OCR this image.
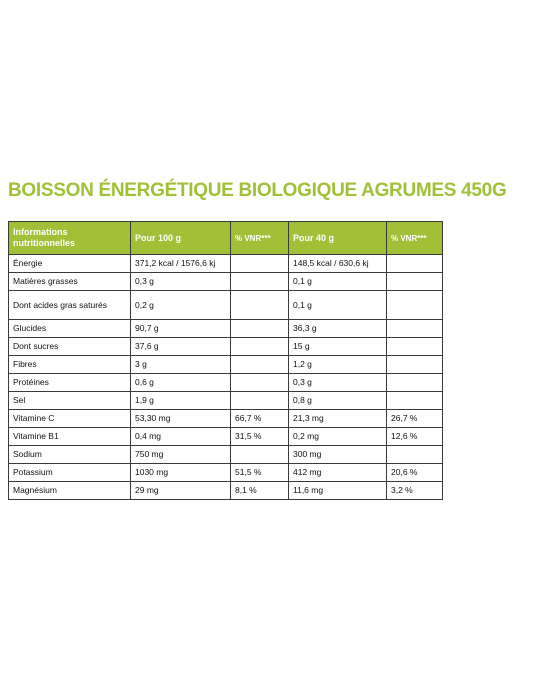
BOISSON ÉNERGÉTIQUE BIOLOGIQUE AGRUMES 450G
Informations nutritionnelles	Pour 100 g	% VNR***	Pour 40 g	% VNR***
Énergie	371,2 kcal / 1576,6 kj		148,5 kcal / 630,6 kj	
Matières grasses	0,3 g		0,1 g	
Dont acides gras saturés	0,2 g		0,1 g	
Glucides	90,7 g		36,3 g	
Dont sucres	37,6 g		15 g	
Fibres	3 g		1,2 g	
Protéines	0,6 g		0,3 g	
Sel	1,9 g		0,8 g	
Vitamine C	53,30 mg	66,7 %	21,3 mg	26,7 %
Vitamine B1	0,4 mg	31,5 %	0,2 mg	12,6 %
Sodium	750 mg		300 mg	
Potassium	1030 mg	51,5 %	412 mg	20,6 %
Magnésium	29 mg	8,1 %	11,6 mg	3,2 %
